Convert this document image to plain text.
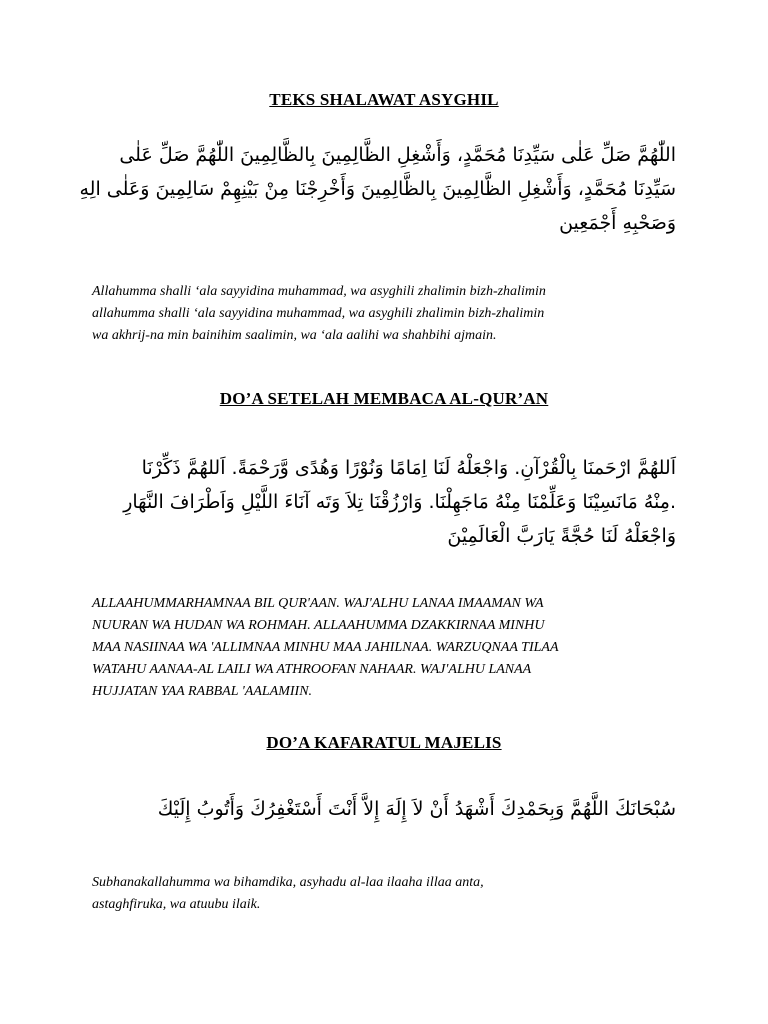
TEKS SHALAWAT ASYGHIL
اللّٰهُمَّ صَلِّ عَلٰى سَيِّدِنَا مُحَمَّدٍ، وَأَشْغِلِ الظَّالِمِينَ بِالظَّالِمِينَ اللّٰهُمَّ صَلِّ عَلٰى
سَيِّدِنَا مُحَمَّدٍ، وَأَشْغِلِ الظَّالِمِينَ بِالظَّالِمِينَ وَأَخْرِجْنَا مِنْ بَيْنِهِمْ سَالِمِينَ وَعَلٰى الِهِ
وَصَحْبِهِ أَجْمَعِين
Allahumma shalli ‘ala sayyidina muhammad, wa asyghili zhalimin bizh-zhalimin
allahumma shalli ‘ala sayyidina muhammad, wa asyghili zhalimin bizh-zhalimin
wa akhrij-na min bainihim saalimin, wa ‘ala aalihi wa shahbihi ajmain.
DO’A SETELAH MEMBACA AL-QUR’AN
اَللهُمَّ ارْحَمنَا بِالْقُرْآنِ. وَاجْعَلْهُ لَنَا اِمَامًا وَنُوْرًا وَهُدًى وَّرَحْمَةً. اَللهُمَّ ذَكِّرْنَا
.مِنْهُ مَانَسِيْنَا وَعَلِّمْنَا مِنْهُ مَاجَهِلْنَا. وَارْزُقْنَا تِلاَ وَتَه آنَاءَ اللَّيْلِ وَاَطْرَافَ النَّهَارِ
وَاجْعَلْهُ لَنَا حُجَّةً يَارَبَّ الْعَالَمِيْنَ
ALLAAHUMMARHAMNAA BIL QUR'AAN. WAJ'ALHU LANAA IMAAMAN WA
NUURAN WA HUDAN WA ROHMAH. ALLAAHUMMA DZAKKIRNAA MINHU
MAA NASIINAA WA 'ALLIMNAA MINHU MAA JAHILNAA. WARZUQNAA TILAA
WATAHU AANAA-AL LAILI WA ATHROOFAN NAHAAR. WAJ'ALHU LANAA
HUJJATAN YAA RABBAL 'AALAMIIN.
DO’A KAFARATUL MAJELIS
سُبْحَانَكَ اللَّهُمَّ وَبِحَمْدِكَ أَشْهَدُ أَنْ لاَ إِلَهَ إِلاَّ أَنْتَ أَسْتَغْفِرُكَ وَأَتُوبُ إِلَيْكَ
Subhanakallahumma wa bihamdika, asyhadu al-laa ilaaha illaa anta,
astaghfiruka, wa atuubu ilaik.
